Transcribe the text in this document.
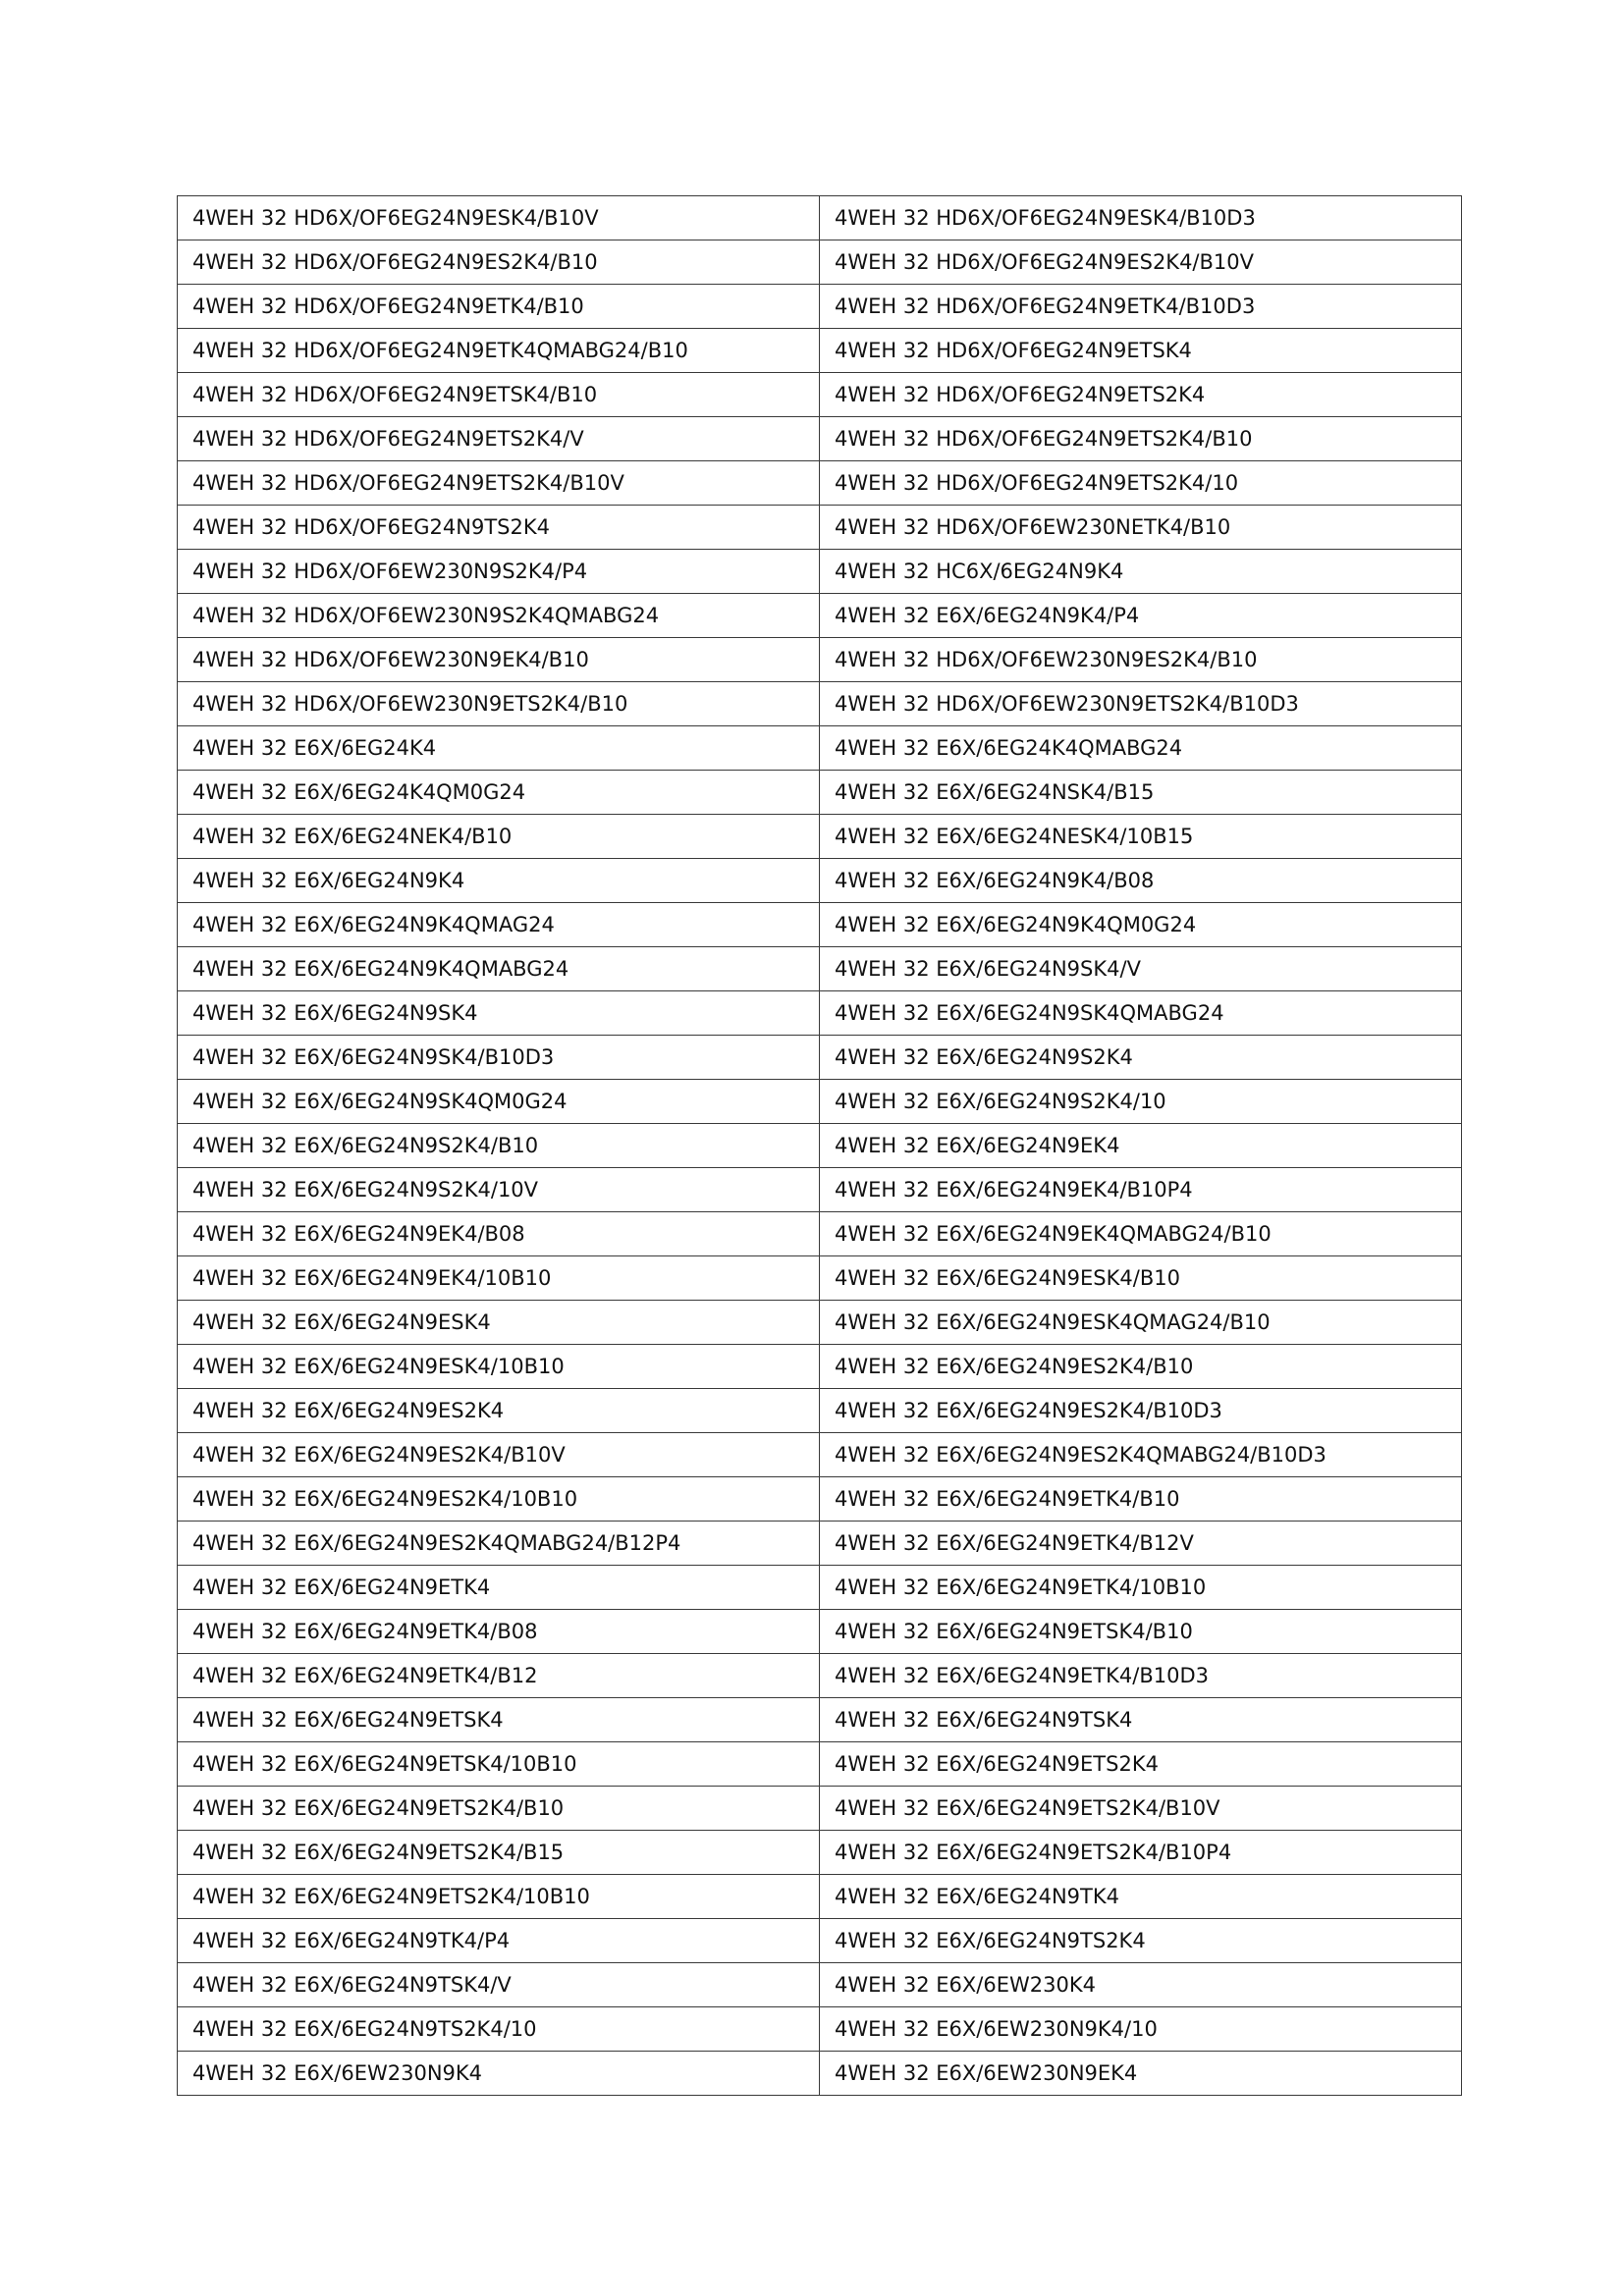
4WEH 32 HD6X/OF6EG24N9ESK4/B10V	4WEH 32 HD6X/OF6EG24N9ESK4/B10D3
4WEH 32 HD6X/OF6EG24N9ES2K4/B10	4WEH 32 HD6X/OF6EG24N9ES2K4/B10V
4WEH 32 HD6X/OF6EG24N9ETK4/B10	4WEH 32 HD6X/OF6EG24N9ETK4/B10D3
4WEH 32 HD6X/OF6EG24N9ETK4QMABG24/B10	4WEH 32 HD6X/OF6EG24N9ETSK4
4WEH 32 HD6X/OF6EG24N9ETSK4/B10	4WEH 32 HD6X/OF6EG24N9ETS2K4
4WEH 32 HD6X/OF6EG24N9ETS2K4/V	4WEH 32 HD6X/OF6EG24N9ETS2K4/B10
4WEH 32 HD6X/OF6EG24N9ETS2K4/B10V	4WEH 32 HD6X/OF6EG24N9ETS2K4/10
4WEH 32 HD6X/OF6EG24N9TS2K4	4WEH 32 HD6X/OF6EW230NETK4/B10
4WEH 32 HD6X/OF6EW230N9S2K4/P4	4WEH 32 HC6X/6EG24N9K4
4WEH 32 HD6X/OF6EW230N9S2K4QMABG24	4WEH 32 E6X/6EG24N9K4/P4
4WEH 32 HD6X/OF6EW230N9EK4/B10	4WEH 32 HD6X/OF6EW230N9ES2K4/B10
4WEH 32 HD6X/OF6EW230N9ETS2K4/B10	4WEH 32 HD6X/OF6EW230N9ETS2K4/B10D3
4WEH 32 E6X/6EG24K4	4WEH 32 E6X/6EG24K4QMABG24
4WEH 32 E6X/6EG24K4QM0G24	4WEH 32 E6X/6EG24NSK4/B15
4WEH 32 E6X/6EG24NEK4/B10	4WEH 32 E6X/6EG24NESK4/10B15
4WEH 32 E6X/6EG24N9K4	4WEH 32 E6X/6EG24N9K4/B08
4WEH 32 E6X/6EG24N9K4QMAG24	4WEH 32 E6X/6EG24N9K4QM0G24
4WEH 32 E6X/6EG24N9K4QMABG24	4WEH 32 E6X/6EG24N9SK4/V
4WEH 32 E6X/6EG24N9SK4	4WEH 32 E6X/6EG24N9SK4QMABG24
4WEH 32 E6X/6EG24N9SK4/B10D3	4WEH 32 E6X/6EG24N9S2K4
4WEH 32 E6X/6EG24N9SK4QM0G24	4WEH 32 E6X/6EG24N9S2K4/10
4WEH 32 E6X/6EG24N9S2K4/B10	4WEH 32 E6X/6EG24N9EK4
4WEH 32 E6X/6EG24N9S2K4/10V	4WEH 32 E6X/6EG24N9EK4/B10P4
4WEH 32 E6X/6EG24N9EK4/B08	4WEH 32 E6X/6EG24N9EK4QMABG24/B10
4WEH 32 E6X/6EG24N9EK4/10B10	4WEH 32 E6X/6EG24N9ESK4/B10
4WEH 32 E6X/6EG24N9ESK4	4WEH 32 E6X/6EG24N9ESK4QMAG24/B10
4WEH 32 E6X/6EG24N9ESK4/10B10	4WEH 32 E6X/6EG24N9ES2K4/B10
4WEH 32 E6X/6EG24N9ES2K4	4WEH 32 E6X/6EG24N9ES2K4/B10D3
4WEH 32 E6X/6EG24N9ES2K4/B10V	4WEH 32 E6X/6EG24N9ES2K4QMABG24/B10D3
4WEH 32 E6X/6EG24N9ES2K4/10B10	4WEH 32 E6X/6EG24N9ETK4/B10
4WEH 32 E6X/6EG24N9ES2K4QMABG24/B12P4	4WEH 32 E6X/6EG24N9ETK4/B12V
4WEH 32 E6X/6EG24N9ETK4	4WEH 32 E6X/6EG24N9ETK4/10B10
4WEH 32 E6X/6EG24N9ETK4/B08	4WEH 32 E6X/6EG24N9ETSK4/B10
4WEH 32 E6X/6EG24N9ETK4/B12	4WEH 32 E6X/6EG24N9ETK4/B10D3
4WEH 32 E6X/6EG24N9ETSK4	4WEH 32 E6X/6EG24N9TSK4
4WEH 32 E6X/6EG24N9ETSK4/10B10	4WEH 32 E6X/6EG24N9ETS2K4
4WEH 32 E6X/6EG24N9ETS2K4/B10	4WEH 32 E6X/6EG24N9ETS2K4/B10V
4WEH 32 E6X/6EG24N9ETS2K4/B15	4WEH 32 E6X/6EG24N9ETS2K4/B10P4
4WEH 32 E6X/6EG24N9ETS2K4/10B10	4WEH 32 E6X/6EG24N9TK4
4WEH 32 E6X/6EG24N9TK4/P4	4WEH 32 E6X/6EG24N9TS2K4
4WEH 32 E6X/6EG24N9TSK4/V	4WEH 32 E6X/6EW230K4
4WEH 32 E6X/6EG24N9TS2K4/10	4WEH 32 E6X/6EW230N9K4/10
4WEH 32 E6X/6EW230N9K4	4WEH 32 E6X/6EW230N9EK4
